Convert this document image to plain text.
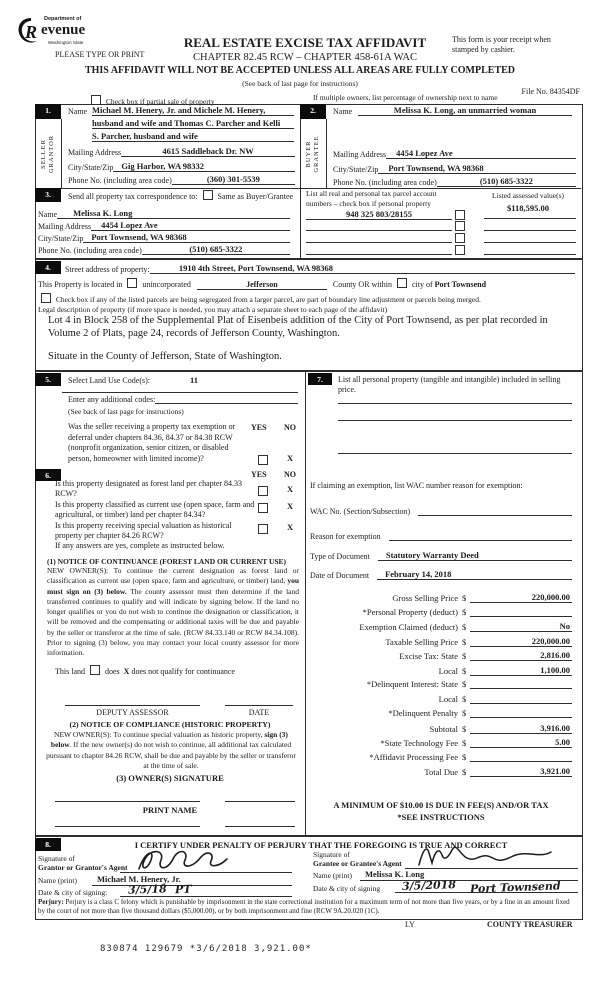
R
Department of
evenue
Washington State
PLEASE TYPE OR PRINT
REAL ESTATE EXCISE TAX AFFIDAVIT
CHAPTER 82.45 RCW – CHAPTER 458-61A WAC
This form is your receipt when stamped by cashier.
THIS AFFIDAVIT WILL NOT BE ACCEPTED UNLESS ALL AREAS ARE FULLY COMPLETED
(See back of last page for instructions)
File No. 84354DF
Check box if partial sale of property	If multiple owners, list percentage of ownership next to name
1.
SELLER GRANTOR
Name Michael M. Henery, Jr. and Michele M. Henery,
husband and wife and Thomas C. Parcher and Kelli
S. Parcher, husband and wife
Mailing Address	4615 Saddleback Dr. NW
City/State/Zip Gig Harbor, WA 98332
Phone No. (including area code)	(360) 301-5539
2.
BUYER GRANTEE
Name	Melissa K. Long, an unmarried woman
Mailing Address	4454 Lopez Ave
City/State/Zip	Port Townsend, WA 98368
Phone No. (including area code)	(510) 685-3322
3.	Send all property tax correspondence to:	Same as Buyer/Grantee
Name	Melissa K. Long
Mailing Address	4454 Lopez Ave
City/State/Zip Port Townsend, WA 98368
Phone No. (including area code)	(510) 685-3322
List all real and personal tax parcel account numbers – check box if personal property
948 325 803/28155
Listed assessed value(s)
$118,595.00
4.	Street address of property:	1910 4th Street, Port Townsend, WA 98368
This Property is located in	unincorporated	Jefferson	County OR within	city of Port Townsend
Check box if any of the listed parcels are being segregated from a larger parcel, are part of boundary line adjustment or parcels being merged.
Legal description of property (if more space is needed, you may attach a separate sheet to each page of the affidavit)
Lot 4 in Block 258 of the Supplemental Plat of Eisenbeis addition of the City of Port Townsend, as per plat recorded in Volume 2 of Plats, page 24, records of Jefferson County, Washington.
Situate in the County of Jefferson, State of Washington.
5.	Select Land Use Code(s):	11
Enter any additional codes:
(See back of last page for instructions)
Was the seller receiving a property tax exemption or deferral under chapters 84.36, 84.37 or 84.38 RCW (nonprofit organization, senior citizen, or disabled person, homeowner with limited income)?
YES NO
X
6.	YES NO
Is this property designated as forest land per chapter 84.33 RCW?	X
Is this property classified as current use (open space, farm and agricultural, or timber) land per chapter 84.34?
X
Is this property receiving special valuation as historical property per chapter 84.26 RCW?
X
If any answers are yes, complete as instructed below.
(1) NOTICE OF CONTINUANCE (FOREST LAND OR CURRENT USE)
NEW OWNER(S): To continue the current designation as forest land or classification as current use (open space, farm and agriculture, or timber) land, you must sign on (3) below. The county assessor must then determine if the land transferred continues to qualify and will indicate by signing below. If the land no longer qualifies or you do not wish to continue the designation or classification, it will be removed and the compensating or additional taxes will be due and payable by the seller or transferor at the time of sale. (RCW 84.33.140 or RCW 84.34.108). Prior to signing (3) below, you may contact your local county assessor for more information.
This land	does X does not qualify for continuance
DEPUTY ASSESSOR	DATE
(2) NOTICE OF COMPLIANCE (HISTORIC PROPERTY)
NEW OWNER(S): To continue special valuation as historic property, sign (3) below. If the new owner(s) do not wish to continue, all additional tax calculated pursuant to chapter 84.26 RCW, shall be due and payable by the seller or transferor at the time of sale.
(3) OWNER(S) SIGNATURE
PRINT NAME
7.	List all personal property (tangible and intangible) included in selling price.
If claiming an exemption, list WAC number reason for exemption:
WAC No. (Section/Subsection)
Reason for exemption
Type of Document	Statutory Warranty Deed
Date of Document	February 14, 2018
Gross Selling Price $	220,000.00
*Personal Property (deduct) $
Exemption Claimed (deduct) $	No
Taxable Selling Price $	220,000.00
Excise Tax: State $	2,816.00
Local $	1,100.00
*Delinquent Interest: State $
Local $
*Delinquent Penalty $
Subtotal $	3,916.00
*State Technology Fee $	5.00
*Affidavit Processing Fee $
Total Due $	3,921.00
A MINIMUM OF $10.00 IS DUE IN FEE(S) AND/OR TAX
*SEE INSTRUCTIONS
8.	I CERTIFY UNDER PENALTY OF PERJURY THAT THE FOREGOING IS TRUE AND CORRECT
Signature of
Grantor or Grantor's Agent
Name (print) Michael M. Henery, Jr.
Date & city of signing: 3/5/18 PT
Signature of
Grantee or Grantee's Agent
Name (print) Melissa K. Long
Date & city of signing 3/5/2018 Port Townsend
Perjury: Perjury is a class C felony which is punishable by imprisonment in the state correctional institution for a maximum term of not more than five years, or by a fine in an amount fixed by the court of not more than five thousand dollars ($5,000.00), or by both imprisonment and fine (RCW 9A.20.020 (1C).
LY	COUNTY TREASURER
830874 129679 *3/6/2018 3,921.00*
